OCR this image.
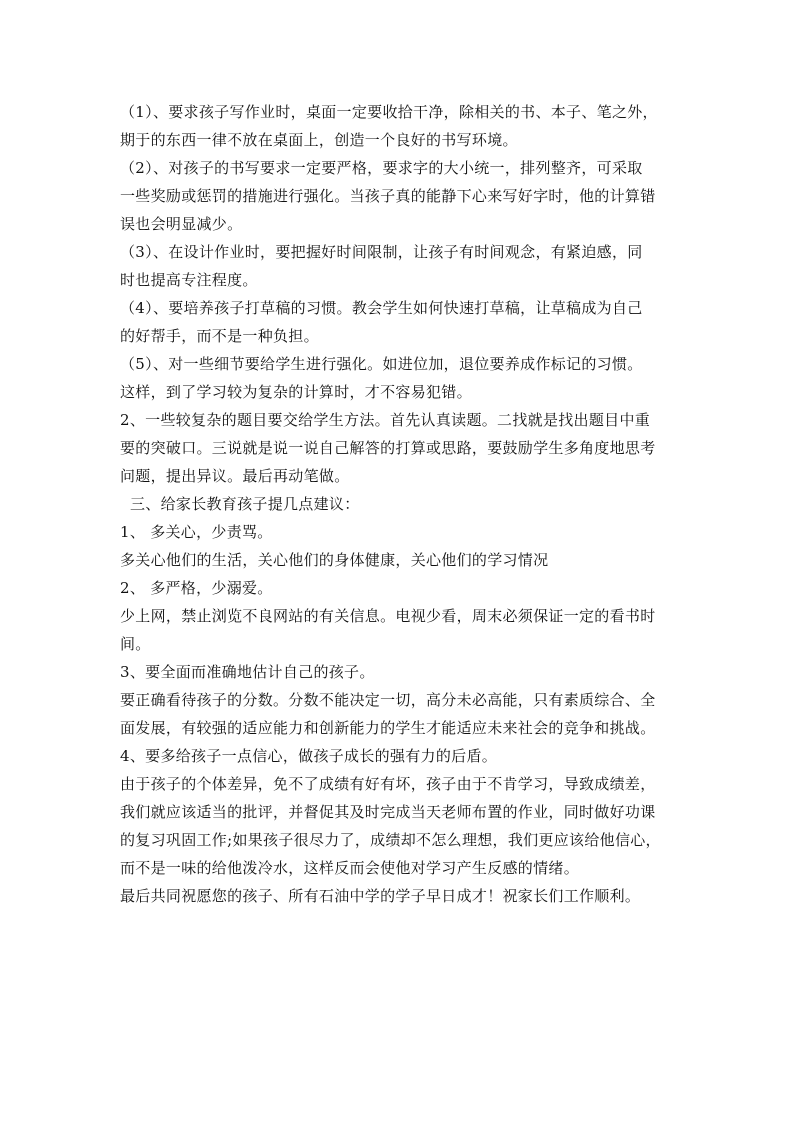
（1）、要求孩子写作业时，桌面一定要收拾干净，除相关的书、本子、笔之外，
期于的东西一律不放在桌面上，创造一个良好的书写环境。
（2）、对孩子的书写要求一定要严格，要求字的大小统一，排列整齐，可采取
一些奖励或惩罚的措施进行强化。当孩子真的能静下心来写好字时，他的计算错
误也会明显减少。
（3）、在设计作业时，要把握好时间限制，让孩子有时间观念，有紧迫感，同
时也提高专注程度。
（4）、要培养孩子打草稿的习惯。教会学生如何快速打草稿，让草稿成为自己
的好帮手，而不是一种负担。
（5）、对一些细节要给学生进行强化。如进位加，退位要养成作标记的习惯。
这样，到了学习较为复杂的计算时，才不容易犯错。
2、一些较复杂的题目要交给学生方法。首先认真读题。二找就是找出题目中重
要的突破口。三说就是说一说自己解答的打算或思路，要鼓励学生多角度地思考
问题，提出异议。最后再动笔做。
三、给家长教育孩子提几点建议：
1、 多关心，少责骂。
多关心他们的生活，关心他们的身体健康，关心他们的学习情况
2、 多严格，少溺爱。
少上网，禁止浏览不良网站的有关信息。电视少看，周末必须保证一定的看书时
间。
3、要全面而准确地估计自己的孩子。
要正确看待孩子的分数。分数不能决定一切，高分未必高能，只有素质综合、全
面发展，有较强的适应能力和创新能力的学生才能适应未来社会的竞争和挑战。
4、要多给孩子一点信心，做孩子成长的强有力的后盾。
由于孩子的个体差异，免不了成绩有好有坏，孩子由于不肯学习，导致成绩差，
我们就应该适当的批评，并督促其及时完成当天老师布置的作业，同时做好功课
的复习巩固工作;如果孩子很尽力了，成绩却不怎么理想，我们更应该给他信心，
而不是一味的给他泼冷水，这样反而会使他对学习产生反感的情绪。
最后共同祝愿您的孩子、所有石油中学的学子早日成才！祝家长们工作顺利。
